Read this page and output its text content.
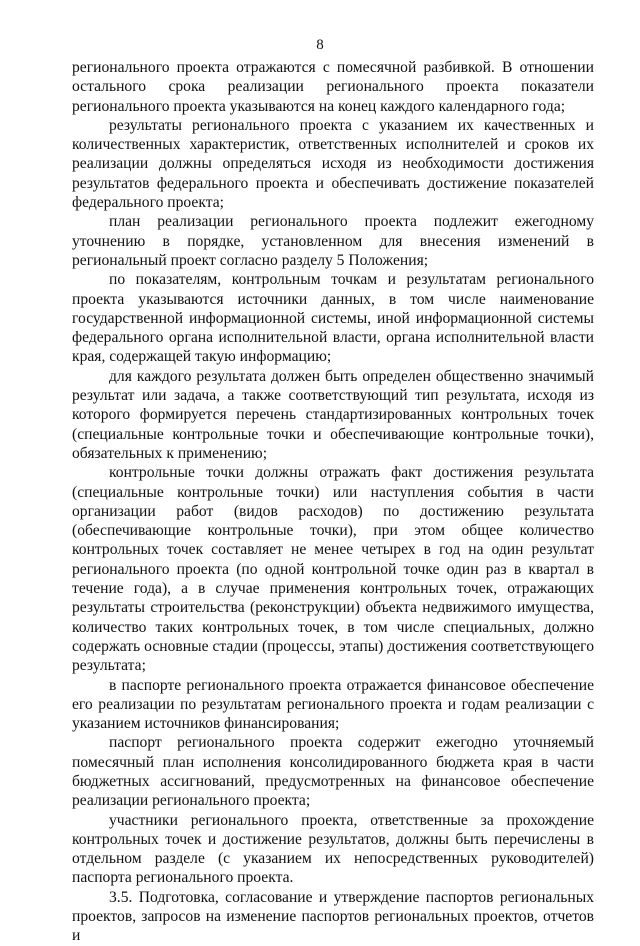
8

регионального проекта отражаются с помесячной разбивкой. В отношении остального срока реализации регионального проекта показатели регионального проекта указываются на конец каждого календарного года;

результаты регионального проекта с указанием их качественных и количественных характеристик, ответственных исполнителей и сроков их реализации должны определяться исходя из необходимости достижения результатов федерального проекта и обеспечивать достижение показателей федерального проекта;

план реализации регионального проекта подлежит ежегодному уточнению в порядке, установленном для внесения изменений в региональный проект согласно разделу 5 Положения;

по показателям, контрольным точкам и результатам регионального проекта указываются источники данных, в том числе наименование государственной информационной системы, иной информационной системы федерального органа исполнительной власти, органа исполнительной власти края, содержащей такую информацию;

для каждого результата должен быть определен общественно значимый результат или задача, а также соответствующий тип результата, исходя из которого формируется перечень стандартизированных контрольных точек (специальные контрольные точки и обеспечивающие контрольные точки), обязательных к применению;

контрольные точки должны отражать факт достижения результата (специальные контрольные точки) или наступления события в части организации работ (видов расходов) по достижению результата (обеспечивающие контрольные точки), при этом общее количество контрольных точек составляет не менее четырех в год на один результат регионального проекта (по одной контрольной точке один раз в квартал в течение года), а в случае применения контрольных точек, отражающих результаты строительства (реконструкции) объекта недвижимого имущества, количество таких контрольных точек, в том числе специальных, должно содержать основные стадии (процессы, этапы) достижения соответствующего результата;

в паспорте регионального проекта отражается финансовое обеспечение его реализации по результатам регионального проекта и годам реализации с указанием источников финансирования;

паспорт регионального проекта содержит ежегодно уточняемый помесячный план исполнения консолидированного бюджета края в части бюджетных ассигнований, предусмотренных на финансовое обеспечение реализации регионального проекта;

участники регионального проекта, ответственные за прохождение контрольных точек и достижение результатов, должны быть перечислены в отдельном разделе (с указанием их непосредственных руководителей) паспорта регионального проекта.

3.5. Подготовка, согласование и утверждение паспортов региональных проектов, запросов на изменение паспортов региональных проектов, отчетов и
